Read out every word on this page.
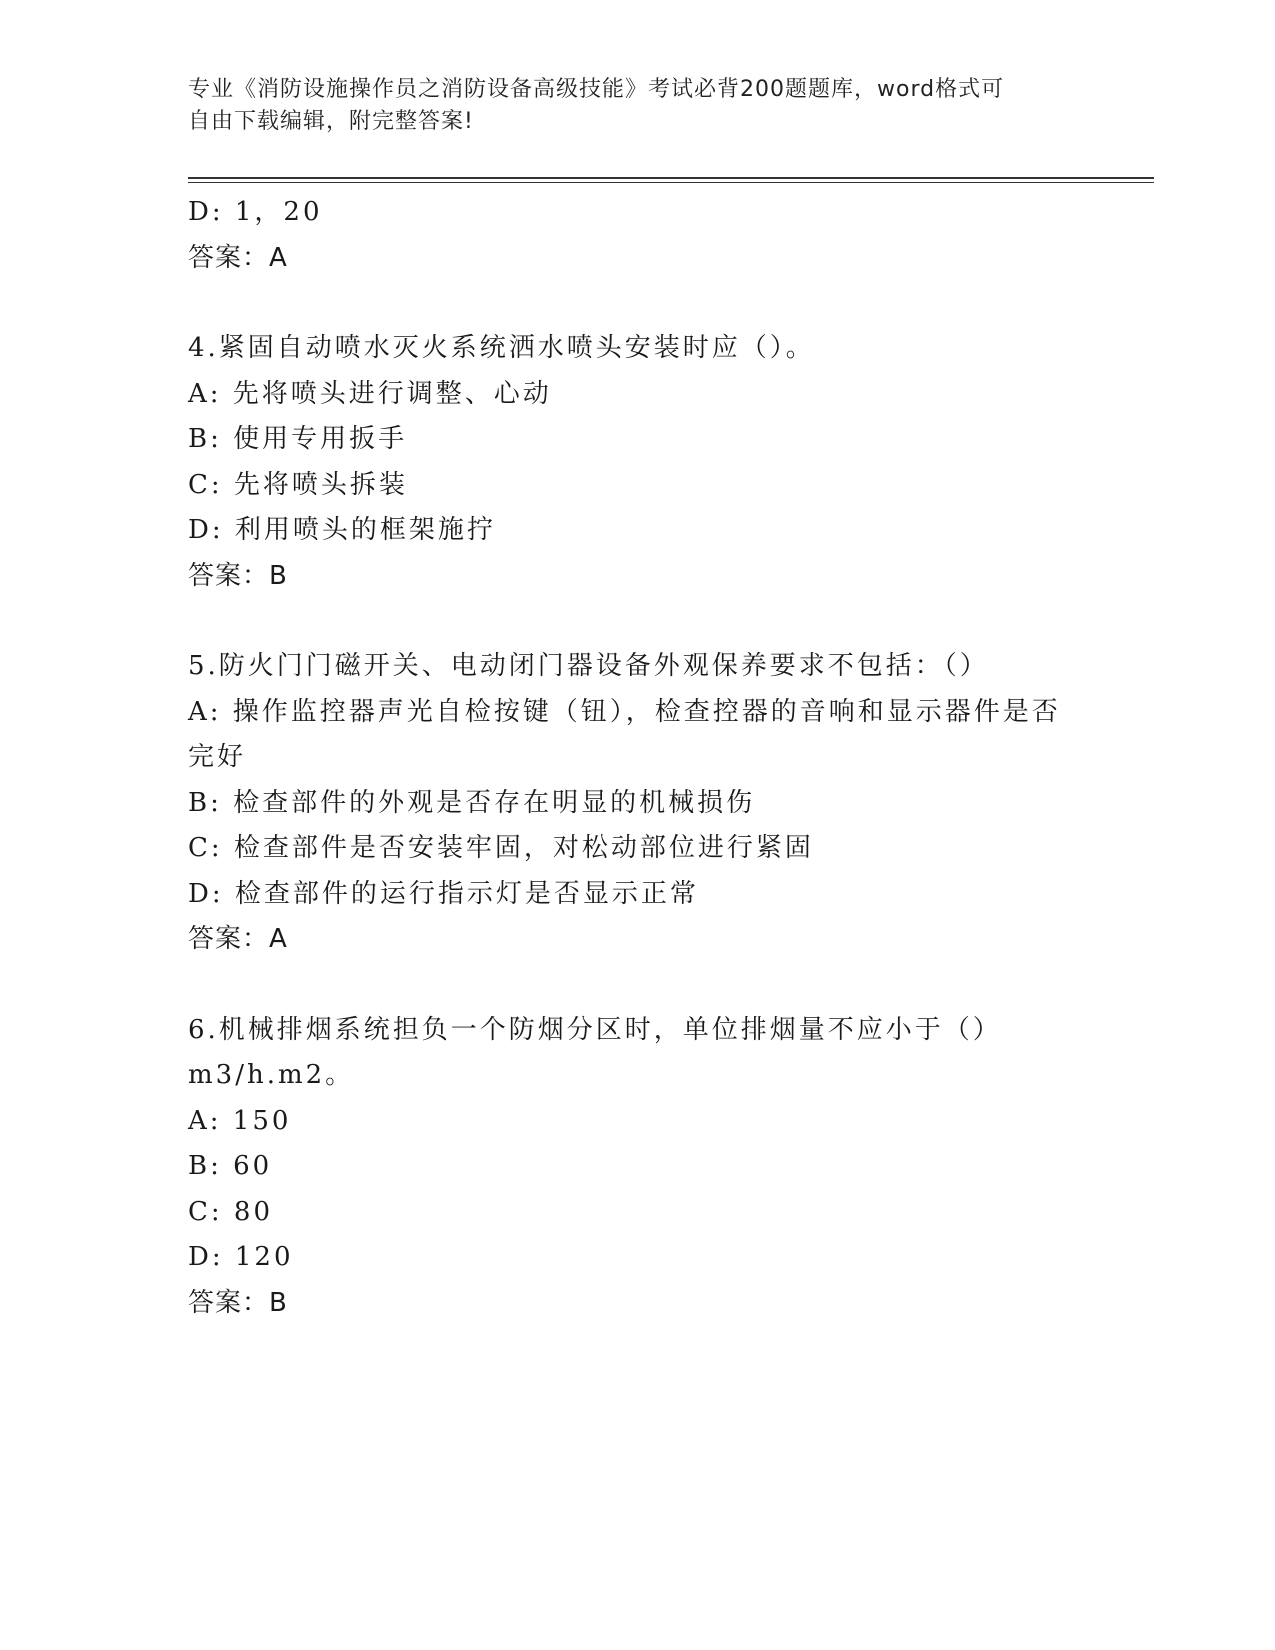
专业《消防设施操作员之消防设备高级技能》考试必背200题题库，word格式可
自由下载编辑，附完整答案!
D: 1，20
答案：A
4.紧固自动喷水灭火系统洒水喷头安装时应（）。
A: 先将喷头进行调整、心动
B: 使用专用扳手
C: 先将喷头拆装
D: 利用喷头的框架施拧
答案：B
5.防火门门磁开关、电动闭门器设备外观保养要求不包括：（）
A: 操作监控器声光自检按键（钮），检查控器的音响和显示器件是否
完好
B: 检查部件的外观是否存在明显的机械损伤
C: 检查部件是否安装牢固，对松动部位进行紧固
D: 检查部件的运行指示灯是否显示正常
答案：A
6.机械排烟系统担负一个防烟分区时，单位排烟量不应小于（）
m3/h.m2。
A: 150
B: 60
C: 80
D: 120
答案：B
